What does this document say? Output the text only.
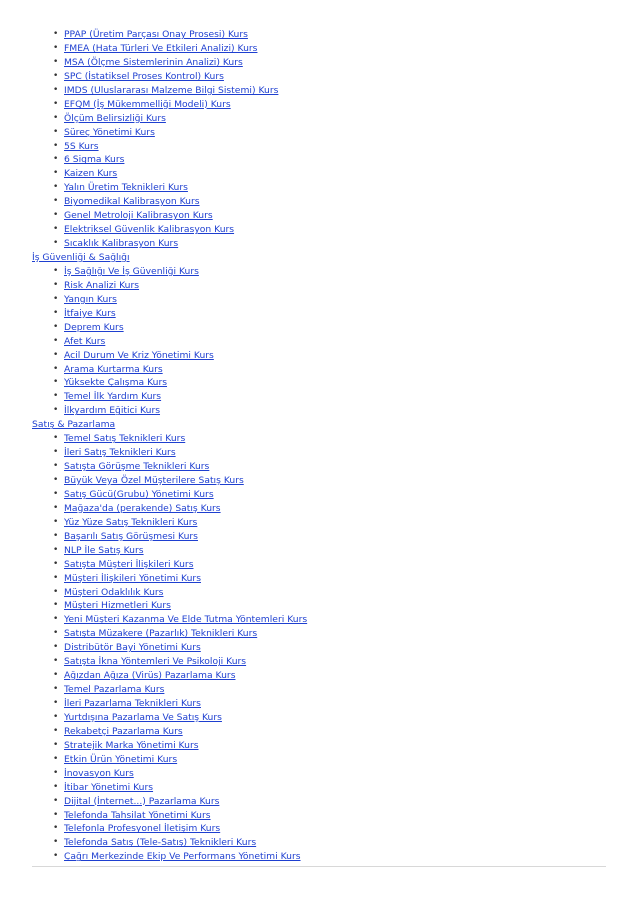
• PPAP (Üretim Parçası Onay Prosesi) Kurs
• FMEA (Hata Türleri Ve Etkileri Analizi) Kurs
• MSA (Ölçme Sistemlerinin Analizi) Kurs
• SPC (İstatiksel Proses Kontrol) Kurs
• IMDS (Uluslararası Malzeme Bilgi Sistemi) Kurs
• EFQM (İş Mükemmelliği Modeli) Kurs
• Ölçüm Belirsizliği Kurs
• Süreç Yönetimi Kurs
• 5S Kurs
• 6 Sigma Kurs
• Kaizen Kurs
• Yalın Üretim Teknikleri Kurs
• Biyomedikal Kalibrasyon Kurs
• Genel Metroloji Kalibrasyon Kurs
• Elektriksel Güvenlik Kalibrasyon Kurs
• Sıcaklık Kalibrasyon Kurs
İş Güvenliği & Sağlığı
• İş Sağlığı Ve İş Güvenliği Kurs
• Risk Analizi Kurs
• Yangın Kurs
• İtfaiye Kurs
• Deprem Kurs
• Afet Kurs
• Acil Durum Ve Kriz Yönetimi Kurs
• Arama Kurtarma Kurs
• Yüksekte Çalışma Kurs
• Temel İlk Yardım Kurs
• İlkyardım Eğitici Kurs
Satış & Pazarlama
• Temel Satış Teknikleri Kurs
• İleri Satış Teknikleri Kurs
• Satışta Görüşme Teknikleri Kurs
• Büyük Veya Özel Müşterilere Satış Kurs
• Satış Gücü(Grubu) Yönetimi Kurs
• Mağaza'da (perakende) Satış Kurs
• Yüz Yüze Satış Teknikleri Kurs
• Başarılı Satış Görüşmesi Kurs
• NLP İle Satış Kurs
• Satışta Müşteri İlişkileri Kurs
• Müşteri İlişkileri Yönetimi Kurs
• Müşteri Odaklılık Kurs
• Müşteri Hizmetleri Kurs
• Yeni Müşteri Kazanma Ve Elde Tutma Yöntemleri Kurs
• Satışta Müzakere (Pazarlık) Teknikleri Kurs
• Distribütör Bayi Yönetimi Kurs
• Satışta İkna Yöntemleri Ve Psikoloji Kurs
• Ağızdan Ağıza (Virüs) Pazarlama Kurs
• Temel Pazarlama Kurs
• İleri Pazarlama Teknikleri Kurs
• Yurtdışına Pazarlama Ve Satış Kurs
• Rekabetçi Pazarlama Kurs
• Stratejik Marka Yönetimi Kurs
• Etkin Ürün Yönetimi Kurs
• İnovasyon Kurs
• İtibar Yönetimi Kurs
• Dijital (İnternet...) Pazarlama Kurs
• Telefonda Tahsilat Yönetimi Kurs
• Telefonla Profesyonel İletişim Kurs
• Telefonda Satış (Tele-Satış) Teknikleri Kurs
• Çağrı Merkezinde Ekip Ve Performans Yönetimi Kurs
